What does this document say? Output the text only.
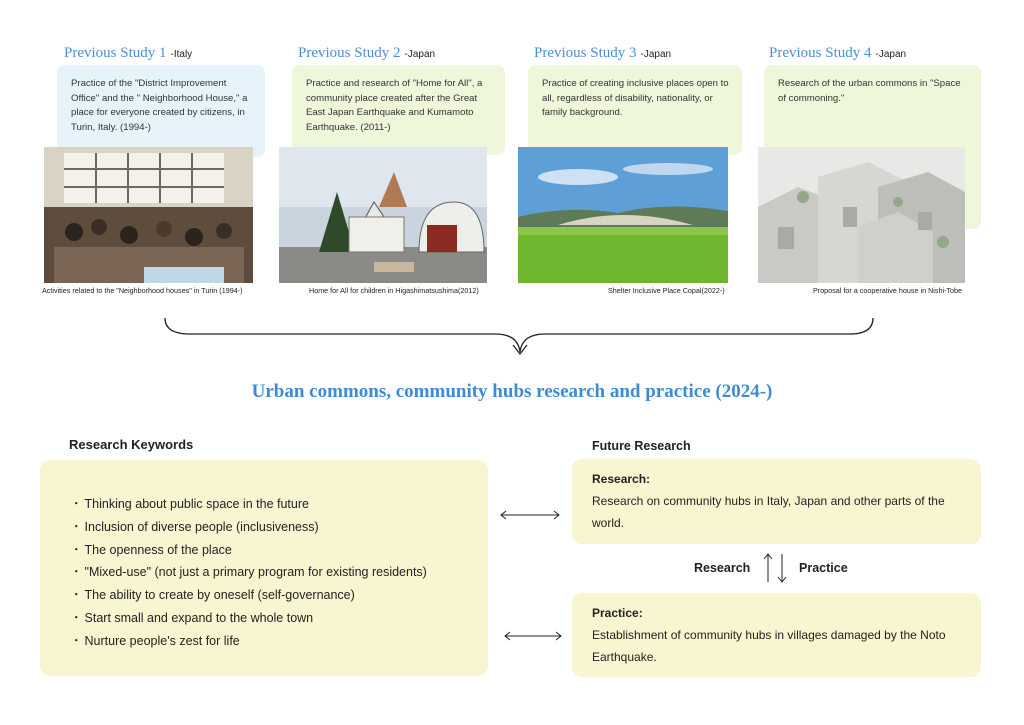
Previous Study 1 -Italy	Previous Study 2 -Japan	Previous Study 3 -Japan	Previous Study 4 -Japan
Practice of the "District Improvement Office" and the " Neighborhood House," a place for everyone created by citizens, in Turin, Italy. (1994-)
Practice and research of "Home for All", a community place created after the Great East Japan Earthquake and Kumamoto Earthquake. (2011-)
Practice of creating inclusive places open to all, regardless of disability, nationality, or family background.
Research of the urban commons in "Space of commoning."
Activities related to the "Neighborhood houses" in Turin (1994-)	Home for All for children in Higashimatsushima(2012)	Shelter Inclusive Place Copal(2022-)	Proposal for a cooperative house in Nishi-Tobe
Urban commons, community hubs research and practice (2024-)
Research Keywords
・ Thinking about public space in the future
・ Inclusion of diverse people (inclusiveness)
・ The openness of the place
・ "Mixed-use" (not just a primary program for existing residents)
・ The ability to create by oneself (self-governance)
・ Start small and expand to the whole town
・ Nurture people's zest for life
Future Research
Research:
Research on community hubs in Italy, Japan and other parts of the world.
Practice:
Establishment of community hubs in villages damaged by the Noto Earthquake.
Research	Practice
